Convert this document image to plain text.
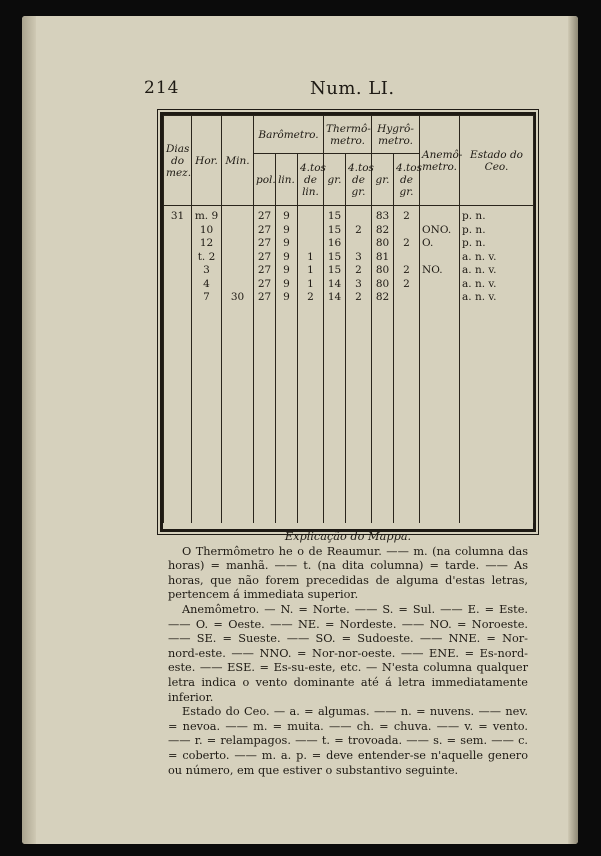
214	Num. LI.
Dias do mez.	Hor.	Min.	Barômetro.			Thermô- metro.		Hygrô- metro.		Anemô- metro.	Estado do Ceo.
			pol.	lin.	4.tos de lin.	gr.	4.tos de gr.	gr.	4.tos de gr.		
31	m. 9		27	9		15		83	2		p. n.
	10		27	9		15	2	82		ONO.	p. n.
	12		27	9		16		80	2	O.	p. n.
	t. 2		27	9	1	15	3	81			a. n. v.
	3		27	9	1	15	2	80	2	NO.	a. n. v.
	4		27	9	1	14	3	80	2		a. n. v.
	7	30	27	9	2	14	2	82			a. n. v.

Explicação do Mappa.

O Thermômetro he o de Reaumur. —— m. (na columna das horas) = manhã. —— t. (na dita columna) = tarde. —— As horas, que não forem precedidas de alguma d'estas letras, pertencem á immediata superior.

Anemômetro. — N. = Norte. —— S. = Sul. —— E. = Este. —— O. = Oeste. —— NE. = Nordeste. —— NO. = Noroeste. —— SE. = Sueste. —— SO. = Sudoeste. —— NNE. = Nor-nord-este. —— NNO. = Nor-nor-oeste. —— ENE. = Es-nord-este. —— ESE. = Es-su-este, etc. — N'esta columna qualquer letra indica o vento dominante até á letra immediatamente inferior.

Estado do Ceo. — a. = algumas. —— n. = nuvens. —— nev. = nevoa. —— m. = muita. —— ch. = chuva. —— v. = vento. —— r. = relampagos. —— t. = trovoada. —— s. = sem. —— c. = coberto. —— m. a. p. = deve entender-se n'aquelle genero ou número, em que estiver o substantivo seguinte.
